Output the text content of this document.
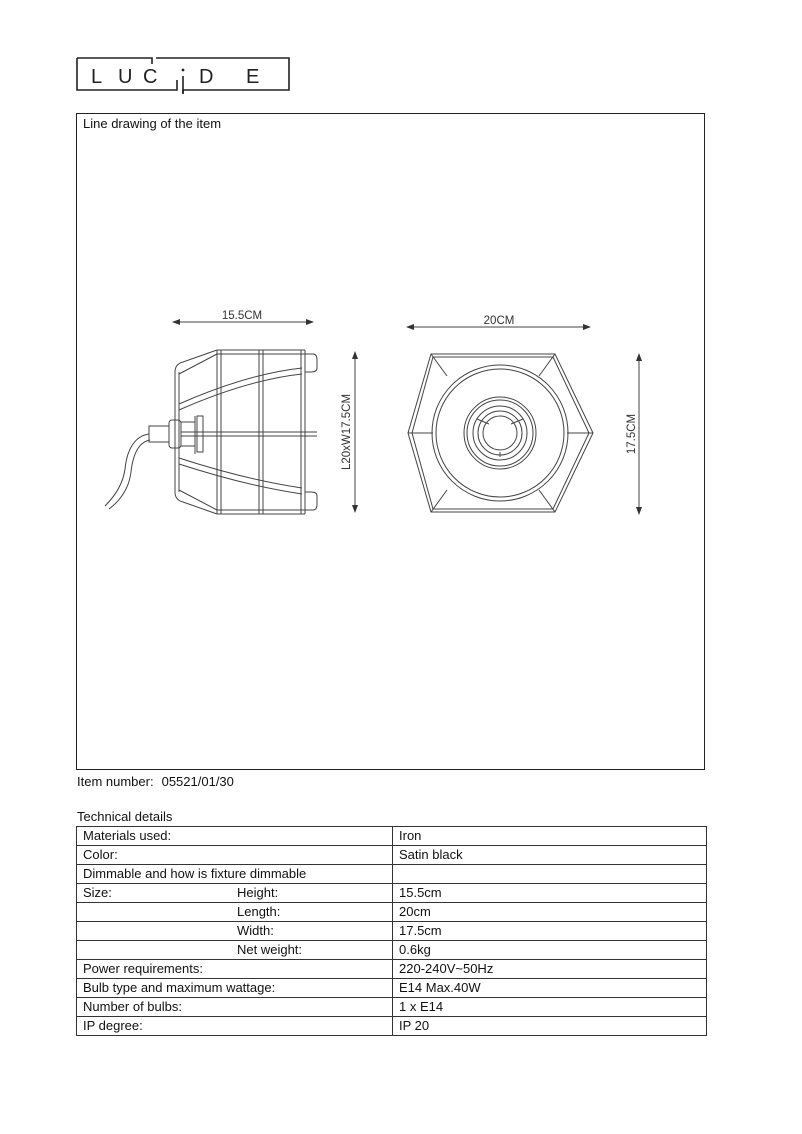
L U C D E
Line drawing of the item
15.5CM
L20xW17.5CM
20CM
17.5CM
Item number: 05521/01/30
Technical details
Materials used:	Iron
Color:	Satin black
Dimmable and how is fixture dimmable	
Size: Height:	15.5cm

Length:	20cm

Width:	17.5cm

Net weight:	0.6kg
Power requirements:	220-240V~50Hz
Bulb type and maximum wattage:	E14 Max.40W
Number of bulbs:	1 x E14
IP degree:	IP 20
